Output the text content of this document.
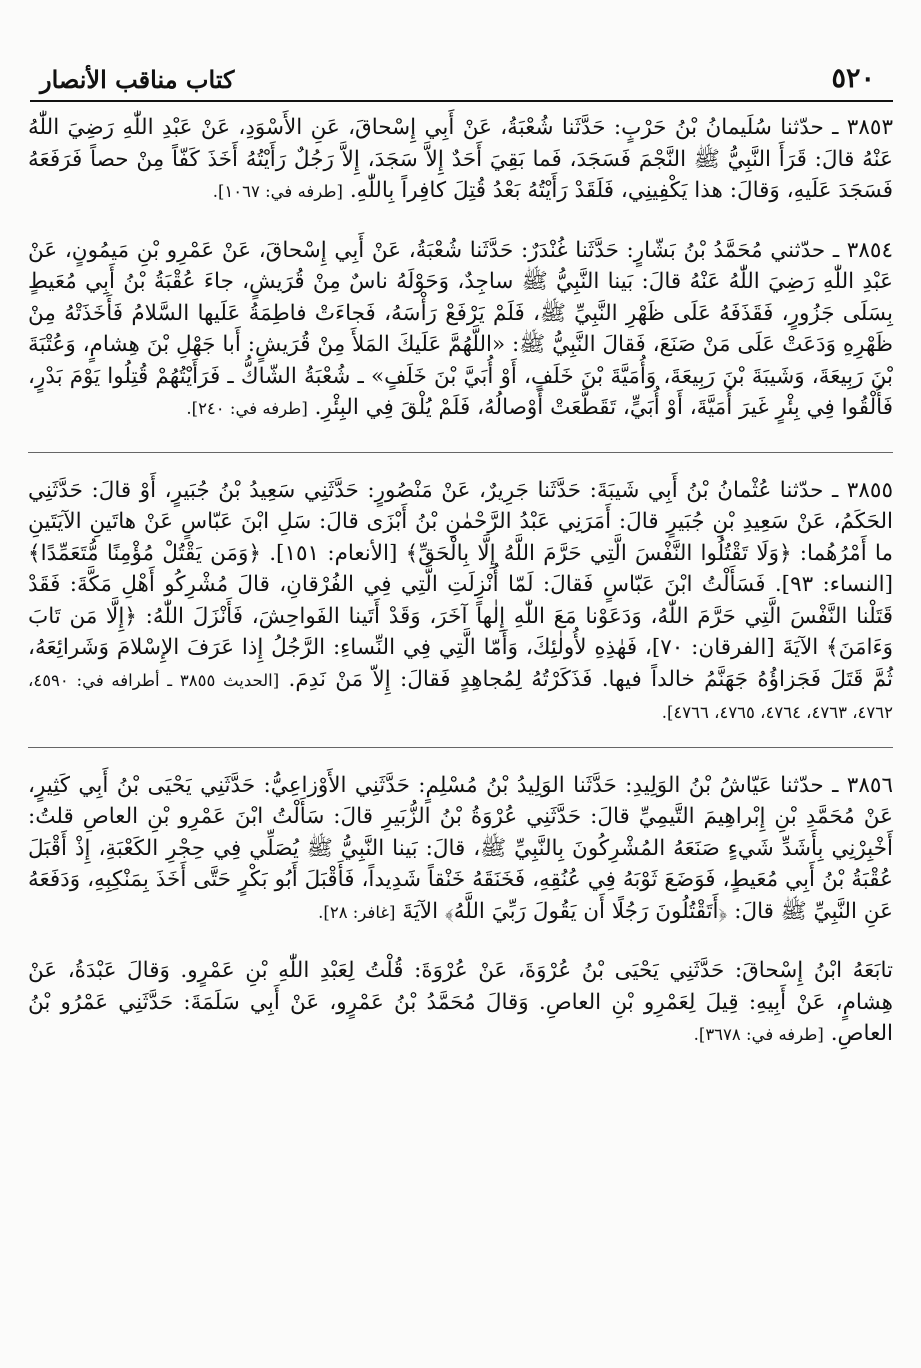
٥٢٠
كتاب مناقب الأنصار

٣٨٥٣ ـ حدّثنا سُلَيمانُ بْنُ حَرْبٍ: حَدَّثَنا شُعْبَةُ، عَنْ أَبِي إِسْحاقَ، عَنِ الأَسْوَدِ، عَنْ عَبْدِ اللّٰهِ رَضِيَ اللّٰهُ عَنْهُ قالَ: قَرَأَ النَّبِيُّ ﷺ النَّجْمَ فَسَجَدَ، فَما بَقِيَ أَحَدٌ إِلاَّ سَجَدَ، إِلاَّ رَجُلٌ رَأَيْتُهُ أَخَذَ كَفّاً مِنْ حصاً فَرَفَعَهُ فَسَجَدَ عَلَيهِ، وَقالَ: هذا يَكْفِينِي، فَلَقَدْ رَأَيْتُهُ بَعْدُ قُتِلَ كافِراً بِاللّٰهِ. [طرفه في: ١٠٦٧].

٣٨٥٤ ـ حدّثني مُحَمَّدُ بْنُ بَشّارٍ: حَدَّثَنا غُنْدَرٌ: حَدَّثَنا شُعْبَةُ، عَنْ أَبِي إِسْحاقَ، عَنْ عَمْرِو بْنِ مَيمُونٍ، عَنْ عَبْدِ اللّٰهِ رَضِيَ اللّٰهُ عَنْهُ قالَ: بَينا النَّبِيُّ ﷺ ساجِدٌ، وَحَوْلَهُ ناسٌ مِنْ قُرَيشٍ، جاءَ عُقْبَةُ بْنُ أَبِي مُعَيطٍ بِسَلَى جَزُورٍ، فَقَذَفَهُ عَلَى ظَهْرِ النَّبِيِّ ﷺ، فَلَمْ يَرْفَعْ رَأْسَهُ، فَجاءَتْ فاطِمَةُ عَلَيها السَّلامُ فَأَخَذَتْهُ مِنْ ظَهْرِهِ وَدَعَتْ عَلَى مَنْ صَنَعَ، فَقالَ النَّبِيُّ ﷺ: «اللَّهُمَّ عَلَيكَ المَلأَ مِنْ قُرَيشٍ: أَبا جَهْلِ بْنَ هِشامٍ، وَعُتْبَةَ بْنَ رَبِيعَةَ، وَشَيبَةَ بْنَ رَبِيعَةَ، وَأُمَيَّةَ بْنَ خَلَفٍ، أَوْ أُبَيَّ بْنَ خَلَفٍ» ـ شُعْبَةُ الشّاكُّ ـ فَرَأَيْتُهُمْ قُتِلُوا يَوْمَ بَدْرٍ، فَأُلْقُوا فِي بِئْرٍ غَيرَ أُمَيَّةَ، أَوْ أُبَيٍّ، تَقَطَّعَتْ أَوْصالُهُ، فَلَمْ يُلْقَ فِي البِئْرِ. [طرفه في: ٢٤٠].

٣٨٥٥ ـ حدّثنا عُثْمانُ بْنُ أَبِي شَيبَةَ: حَدَّثَنا جَرِيرٌ، عَنْ مَنْصُورٍ: حَدَّثَنِي سَعِيدُ بْنُ جُبَيرٍ، أَوْ قالَ: حَدَّثَنِي الحَكَمُ، عَنْ سَعِيدِ بْنِ جُبَيرٍ قالَ: أَمَرَنِي عَبْدُ الرَّحْمٰنِ بْنُ أَبْزَى قالَ: سَلِ ابْنَ عَبّاسٍ عَنْ هاتَينِ الآيَتَينِ ما أَمْرُهُما: ﴿وَلَا تَقْتُلُوا النَّفْسَ الَّتِي حَرَّمَ اللَّهُ إِلَّا بِالْحَقِّ﴾ [الأنعام: ١٥١]. ﴿وَمَن يَقْتُلْ مُؤْمِنًا مُّتَعَمِّدًا﴾ [النساء: ٩٣]. فَسَأَلْتُ ابْنَ عَبّاسٍ فَقالَ: لَمّا أُنْزِلَتِ الَّتِي فِي الفُرْقانِ، قالَ مُشْرِكُو أَهْلِ مَكَّةَ: فَقَدْ قَتَلْنا النَّفْسَ الَّتِي حَرَّمَ اللّٰهُ، وَدَعَوْنا مَعَ اللّٰهِ إِلٰهاً آخَرَ، وَقَدْ أَتَينا الفَواحِشَ، فَأَنْزَلَ اللّٰهُ: ﴿إِلَّا مَن تَابَ وَءَامَنَ﴾ الآيَةَ [الفرقان: ٧٠]، فَهٰذِهِ لأُولٰئِكَ، وَأَمّا الَّتِي فِي النِّساءِ: الرَّجُلُ إِذا عَرَفَ الإِسْلامَ وَشَرائِعَهُ، ثُمَّ قَتَلَ فَجَزاؤُهُ جَهَنَّمُ خالداً فيها. فَذَكَرْتُهُ لِمُجاهِدٍ فَقالَ: إِلاّ مَنْ نَدِمَ. [الحديث ٣٨٥٥ ـ أطرافه في: ٤٥٩٠، ٤٧٦٢، ٤٧٦٣، ٤٧٦٤، ٤٧٦٥، ٤٧٦٦].

٣٨٥٦ ـ حدّثنا عَيّاشُ بْنُ الوَلِيدِ: حَدَّثَنا الوَلِيدُ بْنُ مُسْلِمٍ: حَدَّثَنِي الأَوْزاعِيُّ: حَدَّثَنِي يَحْيَى بْنُ أَبِي كَثِيرٍ، عَنْ مُحَمَّدِ بْنِ إِبْراهِيمَ التَّيمِيِّ قالَ: حَدَّثَنِي عُرْوَةُ بْنُ الزُّبَيرِ قالَ: سَأَلْتُ ابْنَ عَمْرِو بْنِ العاصِ قلتُ: أَخْبِرْنِي بِأَشَدِّ شَيءٍ صَنَعَهُ المُشْرِكُونَ بِالنَّبِيِّ ﷺ، قالَ: بَينا النَّبِيُّ ﷺ يُصَلِّي فِي حِجْرِ الكَعْبَةِ، إِذْ أَقْبَلَ عُقْبَةُ بْنُ أَبِي مُعَيطٍ، فَوَضَعَ ثَوْبَهُ فِي عُنُقِهِ، فَخَنَقَهُ خَنْقاً شَدِيداً، فَأَقْبَلَ أَبُو بَكْرٍ حَتَّى أَخَذَ بِمَنْكِبِهِ، وَدَفَعَهُ عَنِ النَّبِيِّ ﷺ قالَ: ﴿أَتَقْتُلُونَ رَجُلًا أَن يَقُولَ رَبِّيَ اللَّهُ﴾ الآيَةَ [غافر: ٢٨].

تابَعَهُ ابْنُ إِسْحاقَ: حَدَّثَنِي يَحْيَى بْنُ عُرْوَةَ، عَنْ عُرْوَةَ: قُلْتُ لِعَبْدِ اللّٰهِ بْنِ عَمْرٍو. وَقالَ عَبْدَةُ، عَنْ هِشامٍ، عَنْ أَبِيهِ: قِيلَ لِعَمْرِو بْنِ العاصِ. وَقالَ مُحَمَّدُ بْنُ عَمْرٍو، عَنْ أَبِي سَلَمَةَ: حَدَّثَنِي عَمْرُو بْنُ العاصِ. [طرفه في: ٣٦٧٨].
